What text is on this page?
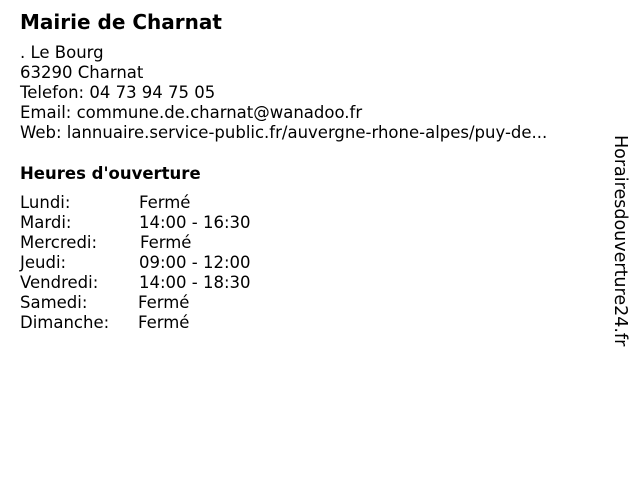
Mairie de Charnat
. Le Bourg
63290 Charnat
Telefon: 04 73 94 75 05
Email: commune.de.charnat@wanadoo.fr
Web: lannuaire.service-public.fr/auvergne-rhone-alpes/puy-de...
Heures d'ouverture
Lundi:	Fermé
Mardi:	14:00 - 16:30
Mercredi:	Fermé
Jeudi:	09:00 - 12:00
Vendredi: 14:00 - 18:30
Samedi:	Fermé
Dimanche: Fermé	Horairesdouverture24.fr
